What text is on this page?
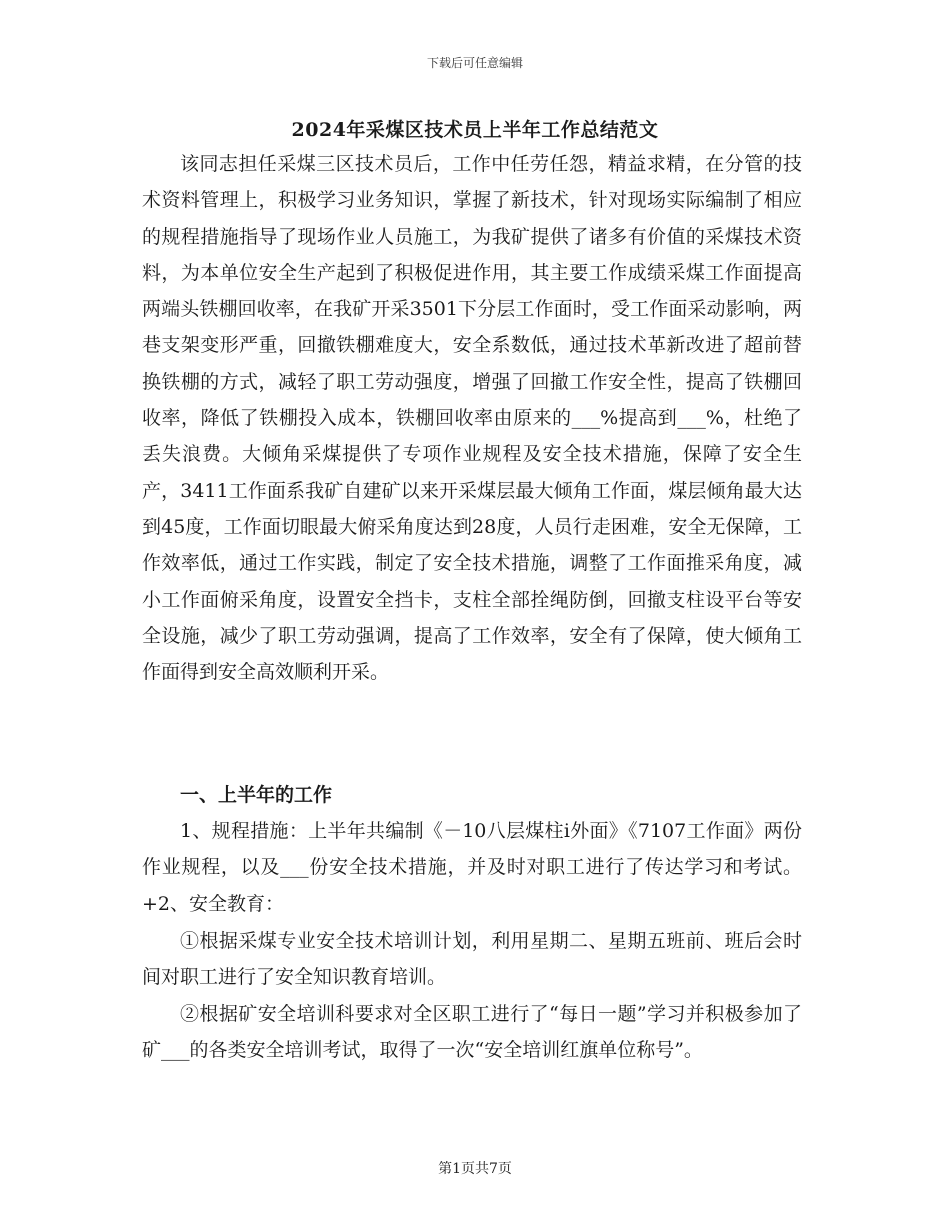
下载后可任意编辑
2024年采煤区技术员上半年工作总结范文

该同志担任采煤三区技术员后，工作中任劳任怨，精益求精，在分管的技术资料管理上，积极学习业务知识，掌握了新技术，针对现场实际编制了相应的规程措施指导了现场作业人员施工，为我矿提供了诸多有价值的采煤技术资料，为本单位安全生产起到了积极促进作用，其主要工作成绩采煤工作面提高两端头铁棚回收率，在我矿开采3501下分层工作面时，受工作面采动影响，两巷支架变形严重，回撤铁棚难度大，安全系数低，通过技术革新改进了超前替换铁棚的方式，减轻了职工劳动强度，增强了回撤工作安全性，提高了铁棚回收率，降低了铁棚投入成本，铁棚回收率由原来的___%提高到___%，杜绝了丢失浪费。大倾角采煤提供了专项作业规程及安全技术措施，保障了安全生产，3411工作面系我矿自建矿以来开采煤层最大倾角工作面，煤层倾角最大达到45度，工作面切眼最大俯采角度达到28度，人员行走困难，安全无保障，工作效率低，通过工作实践，制定了安全技术措施，调整了工作面推采角度，减小工作面俯采角度，设置安全挡卡，支柱全部拴绳防倒，回撤支柱设平台等安全设施，减少了职工劳动强调，提高了工作效率，安全有了保障，使大倾角工作面得到安全高效顺利开采。

一、上半年的工作

1、规程措施：上半年共编制《－10八层煤柱ⅰ外面》《7107工作面》两份作业规程，以及___份安全技术措施，并及时对职工进行了传达学习和考试。+2、安全教育：

①根据采煤专业安全技术培训计划，利用星期二、星期五班前、班后会时间对职工进行了安全知识教育培训。

②根据矿安全培训科要求对全区职工进行了“每日一题”学习并积极参加了矿___的各类安全培训考试，取得了一次“安全培训红旗单位称号”。

第1页共7页
